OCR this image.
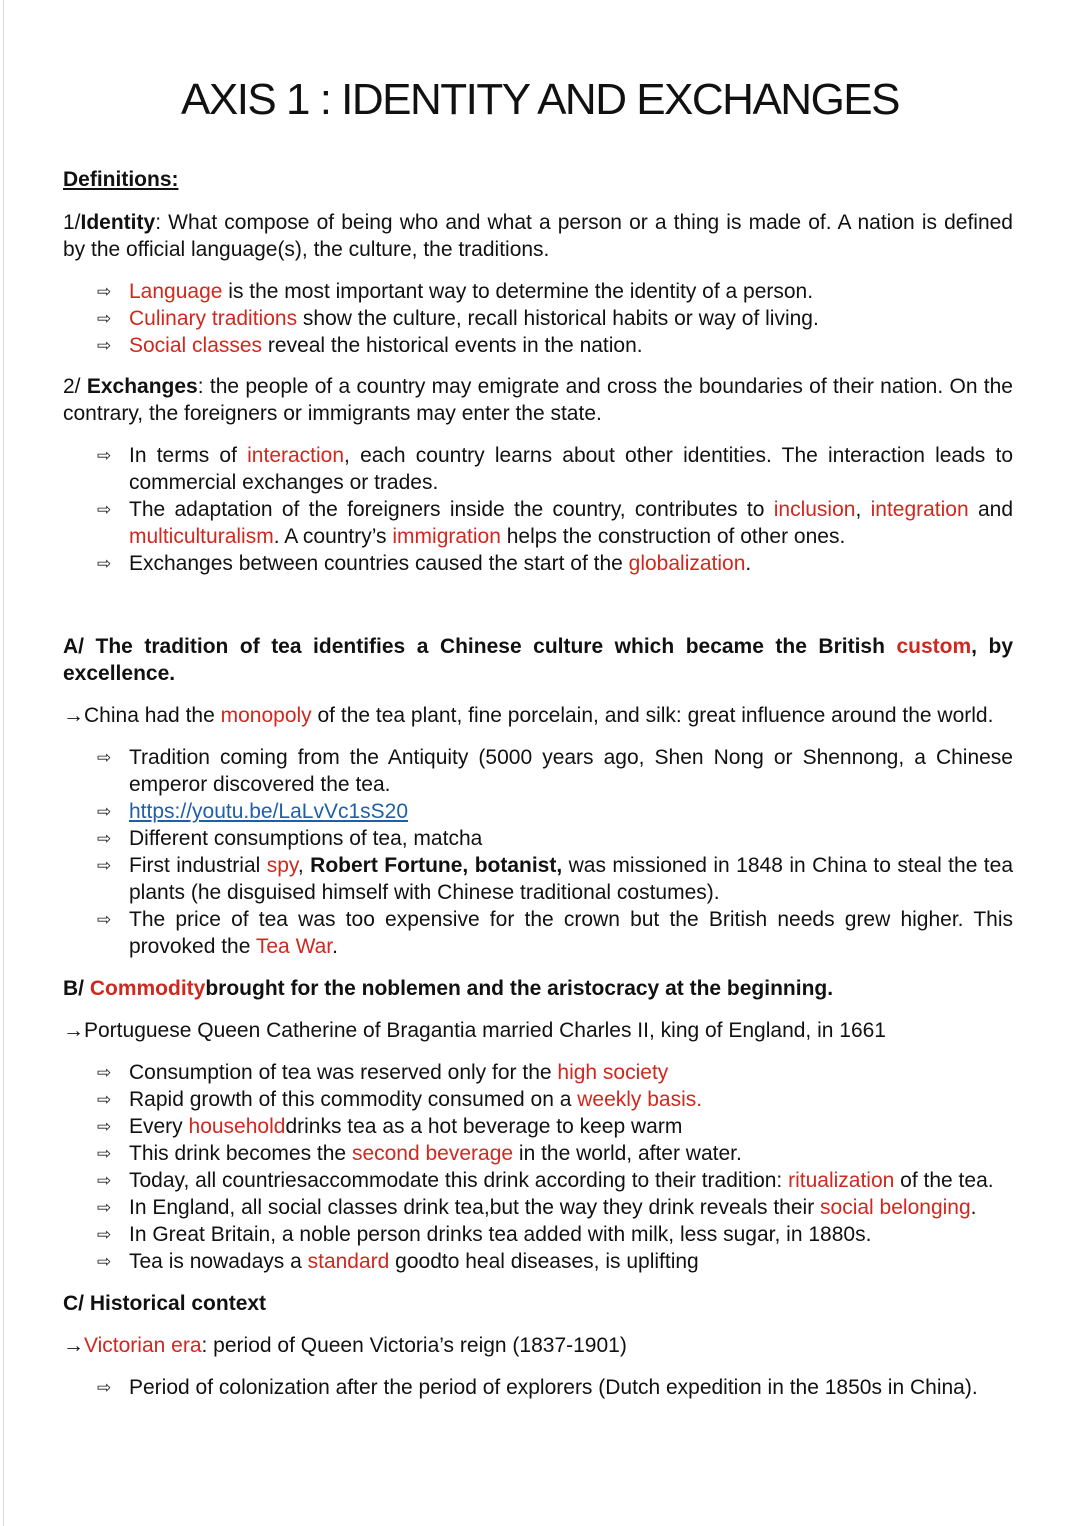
AXIS 1 : IDENTITY AND EXCHANGES

Definitions:

1/Identity: What compose of being who and what a person or a thing is made of. A nation is defined by the official language(s), the culture, the traditions.

⇨ Language is the most important way to determine the identity of a person.
⇨ Culinary traditions show the culture, recall historical habits or way of living.
⇨ Social classes reveal the historical events in the nation.

2/ Exchanges: the people of a country may emigrate and cross the boundaries of their nation. On the contrary, the foreigners or immigrants may enter the state.

⇨ In terms of interaction, each country learns about other identities. The interaction leads to commercial exchanges or trades.
⇨ The adaptation of the foreigners inside the country, contributes to inclusion, integration and multiculturalism. A country’s immigration helps the construction of other ones.
⇨ Exchanges between countries caused the start of the globalization.

A/ The tradition of tea identifies a Chinese culture which became the British custom, by excellence.

→China had the monopoly of the tea plant, fine porcelain, and silk: great influence around the world.

⇨ Tradition coming from the Antiquity (5000 years ago, Shen Nong or Shennong, a Chinese emperor discovered the tea.
⇨ https://youtu.be/LaLvVc1sS20
⇨ Different consumptions of tea, matcha
⇨ First industrial spy, Robert Fortune, botanist, was missioned in 1848 in China to steal the tea plants (he disguised himself with Chinese traditional costumes).
⇨ The price of tea was too expensive for the crown but the British needs grew higher. This provoked the Tea War.

B/ Commoditybrought for the noblemen and the aristocracy at the beginning.

→Portuguese Queen Catherine of Bragantia married Charles II, king of England, in 1661

⇨ Consumption of tea was reserved only for the high society
⇨ Rapid growth of this commodity consumed on a weekly basis.
⇨ Every householddrinks tea as a hot beverage to keep warm
⇨ This drink becomes the second beverage in the world, after water.
⇨ Today, all countriesaccommodate this drink according to their tradition: ritualization of the tea.
⇨ In England, all social classes drink tea,but the way they drink reveals their social belonging.
⇨ In Great Britain, a noble person drinks tea added with milk, less sugar, in 1880s.
⇨ Tea is nowadays a standard goodto heal diseases, is uplifting

C/ Historical context

→Victorian era: period of Queen Victoria’s reign (1837-1901)

⇨ Period of colonization after the period of explorers (Dutch expedition in the 1850s in China).
